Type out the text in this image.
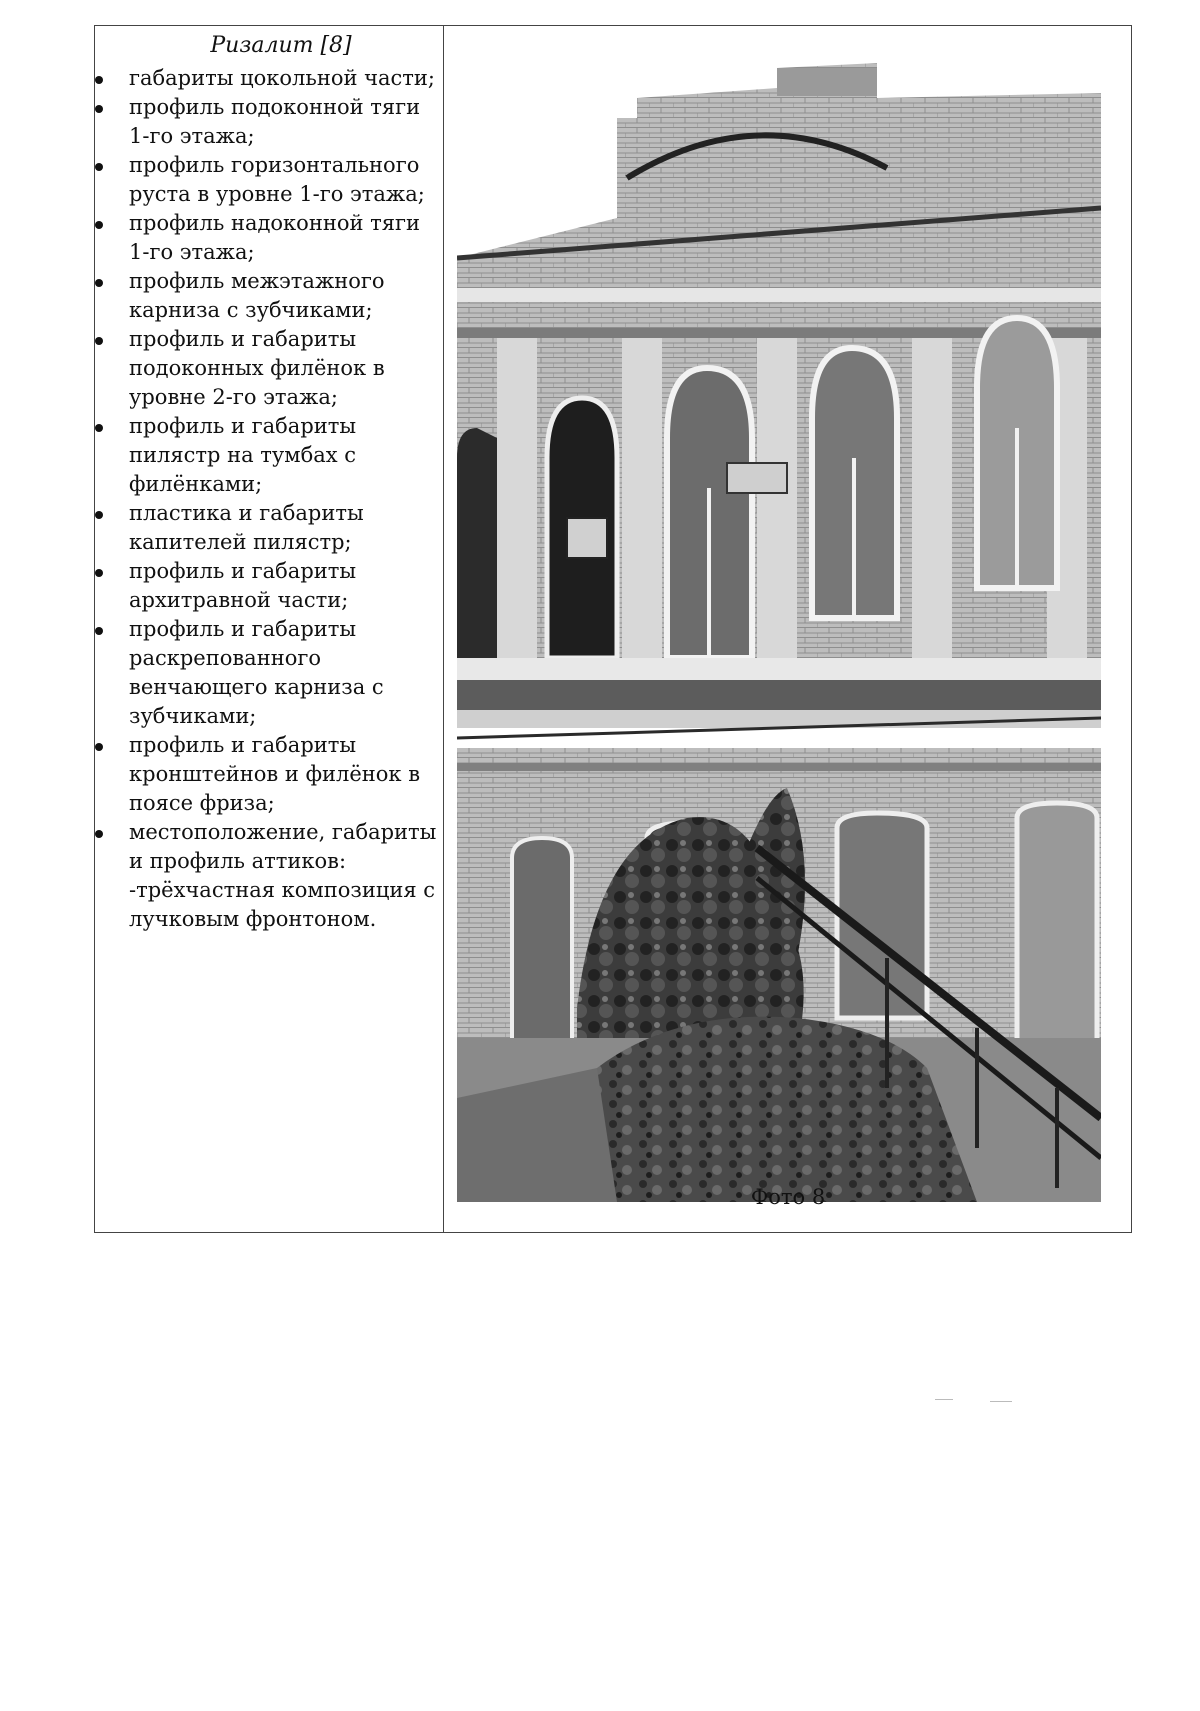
Ризалит [8]
габариты цокольной части;
профиль подоконной тяги 1-го этажа;
профиль горизонтального руста в уровне 1-го этажа;
профиль надоконной тяги 1-го этажа;
профиль межэтажного карниза с зубчиками;
профиль и габариты подоконных филёнок в уровне 2-го этажа;
профиль и габариты пилястр на тумбах с филёнками;
пластика и габариты капителей пилястр;
профиль и габариты архитравной части;
профиль и габариты раскрепованного венчающего карниза с зубчиками;
профиль и габариты кронштейнов и филёнок в поясе фриза;
местоположение, габариты и профиль аттиков: -трёхчастная композиция с лучковым фронтоном.
Фото 8
